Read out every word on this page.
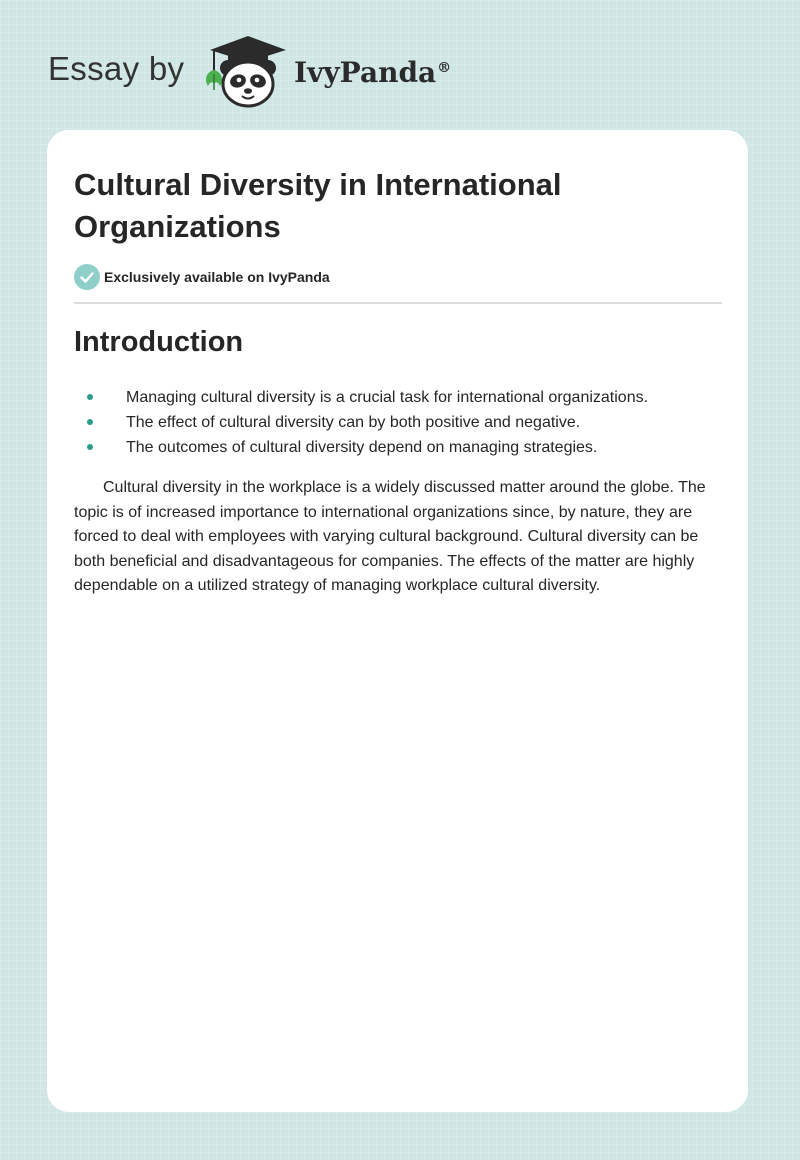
Essay by	IvyPanda®
Cultural Diversity in International Organizations
Exclusively available on IvyPanda
Introduction
Managing cultural diversity is a crucial task for international organizations.
The effect of cultural diversity can by both positive and negative.
The outcomes of cultural diversity depend on managing strategies.

Cultural diversity in the workplace is a widely discussed matter around the globe. The topic is of increased importance to international organizations since, by nature, they are forced to deal with employees with varying cultural background. Cultural diversity can be both beneficial and disadvantageous for companies. The effects of the matter are highly dependable on a utilized strategy of managing workplace cultural diversity.
